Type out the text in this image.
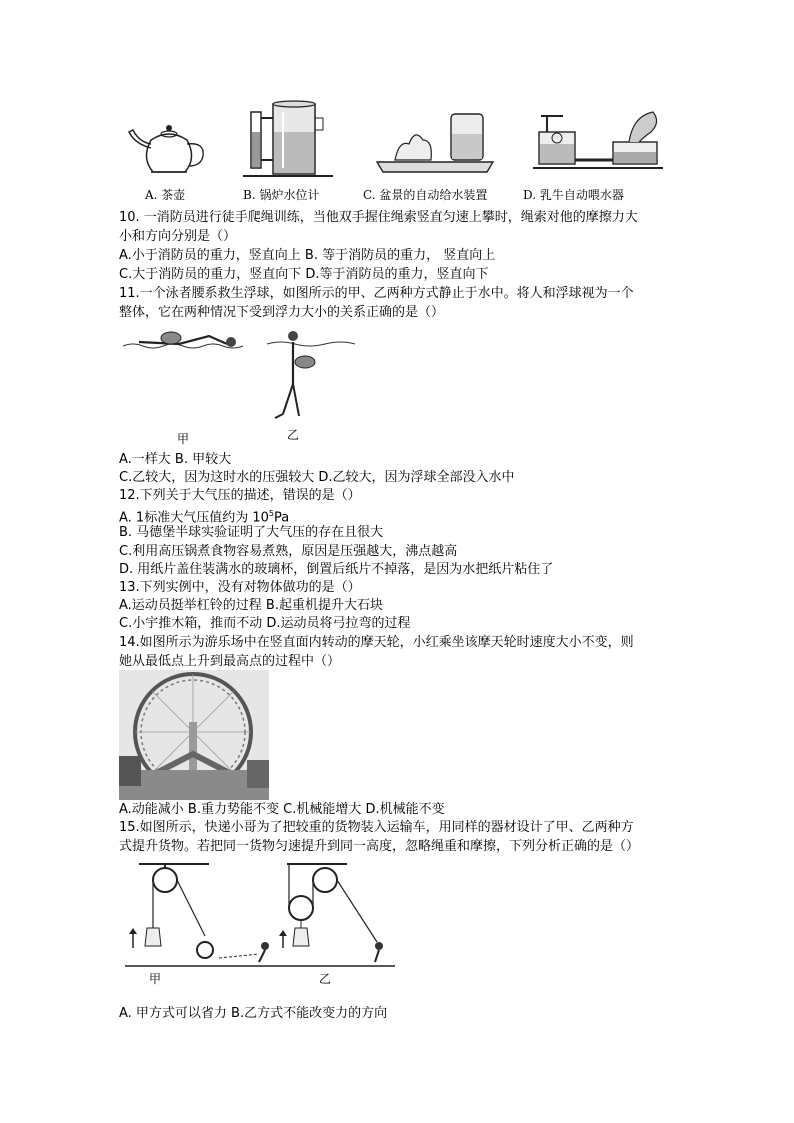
A. 茶壶	B. 锅炉水位计	C. 盆景的自动给水装置	D. 乳牛自动喂水器
10. 一消防员进行徒手爬绳训练，当他双手握住绳索竖直匀速上攀时，绳索对他的摩擦力大
小和方向分别是（）
A.小于消防员的重力，竖直向上 B. 等于消防员的重力， 竖直向上
C.大于消防员的重力，竖直向下 D.等于消防员的重力，竖直向下
11.一个泳者腰系救生浮球，如图所示的甲、乙两种方式静止于水中。将人和浮球视为一个
整体，它在两种情况下受到浮力大小的关系正确的是（）
甲	乙
A.一样大 B. 甲较大
C.乙较大，因为这时水的压强较大 D.乙较大，因为浮球全部没入水中
12.下列关于大气压的描述，错误的是（）
A. 1标准大气压值约为 $10^5Pa$
B. 马德堡半球实验证明了大气压的存在且很大
C.利用高压锅煮食物容易煮熟，原因是压强越大，沸点越高
D. 用纸片盖住装满水的玻璃杯，倒置后纸片不掉落，是因为水把纸片粘住了
13.下列实例中，没有对物体做功的是（）
A.运动员挺举杠铃的过程 B.起重机提升大石块
C.小宇推木箱，推而不动 D.运动员将弓拉弯的过程
14.如图所示为游乐场中在竖直面内转动的摩天轮，小红乘坐该摩天轮时速度大小不变，则
她从最低点上升到最高点的过程中（）
A.动能减小 B.重力势能不变 C.机械能增大 D.机械能不变
15.如图所示，快递小哥为了把较重的货物装入运输车，用同样的器材设计了甲、乙两种方
式提升货物。若把同一货物匀速提升到同一高度，忽略绳重和摩擦，下列分析正确的是（）
甲	乙
A. 甲方式可以省力 B.乙方式不能改变力的方向
